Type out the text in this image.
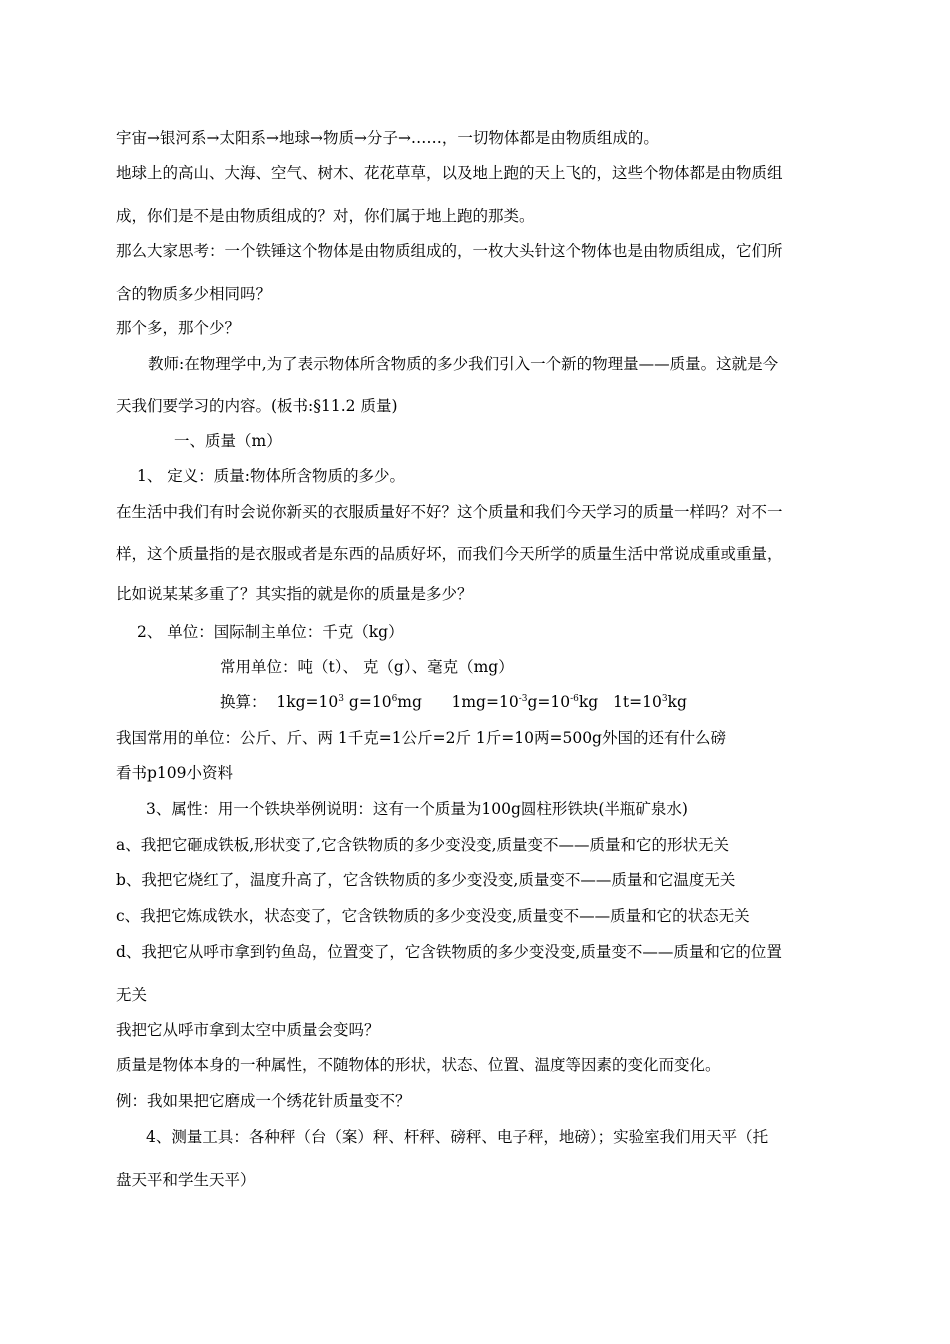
宇宙→银河系→太阳系→地球→物质→分子→……，一切物体都是由物质组成的。
地球上的高山、大海、空气、树木、花花草草，以及地上跑的天上飞的，这些个物体都是由物质组
成，你们是不是由物质组成的？对，你们属于地上跑的那类。
那么大家思考：一个铁锤这个物体是由物质组成的，一枚大头针这个物体也是由物质组成，它们所
含的物质多少相同吗？
那个多，那个少？
教师:在物理学中,为了表示物体所含物质的多少我们引入一个新的物理量——质量。这就是今
天我们要学习的内容。(板书:§11.2 质量)
一、质量（m）
1、 定义：质量:物体所含物质的多少。
在生活中我们有时会说你新买的衣服质量好不好？这个质量和我们今天学习的质量一样吗？对不一
样，这个质量指的是衣服或者是东西的品质好坏，而我们今天所学的质量生活中常说成重或重量，
比如说某某多重了？其实指的就是你的质量是多少？
2、 单位：国际制主单位：千克（kg）
常用单位：吨（t）、 克（g）、毫克（mg）
换算： $1kg=10^3$ $g=10^6mg$ $1mg=10^{-3}g=10^{-6}kg$ $1t=10^3kg$
我国常用的单位：公斤、斤、两 1千克=1公斤=2斤 1斤=10两=500g外国的还有什么磅
看书p109小资料
3、属性：用一个铁块举例说明：这有一个质量为100g圆柱形铁块(半瓶矿泉水)
a、我把它砸成铁板,形状变了,它含铁物质的多少变没变,质量变不——质量和它的形状无关
b、我把它烧红了，温度升高了，它含铁物质的多少变没变,质量变不——质量和它温度无关
c、我把它炼成铁水，状态变了，它含铁物质的多少变没变,质量变不——质量和它的状态无关
d、我把它从呼市拿到钓鱼岛，位置变了，它含铁物质的多少变没变,质量变不——质量和它的位置
无关
我把它从呼市拿到太空中质量会变吗？
质量是物体本身的一种属性，不随物体的形状，状态、位置、温度等因素的变化而变化。
例：我如果把它磨成一个绣花针质量变不？
4、测量工具：各种秤（台（案）秤、杆秤、磅秤、电子秤，地磅）；实验室我们用天平（托
盘天平和学生天平）
